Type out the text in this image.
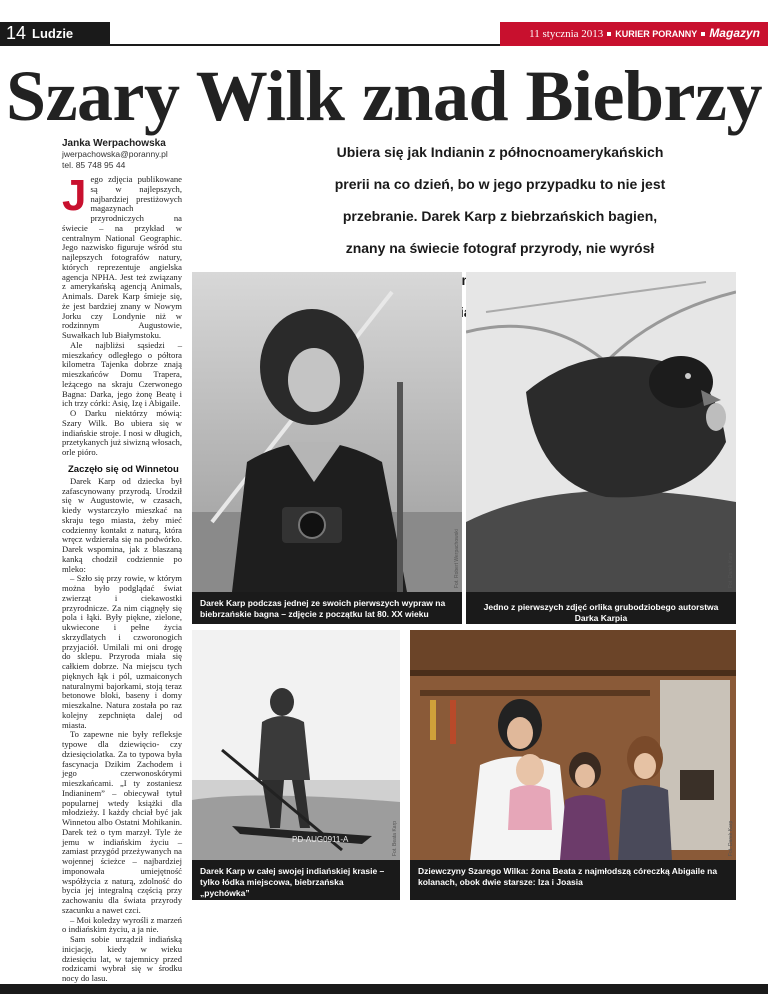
14 Ludzie	11 stycznia 2013 KURIER PORANNY Magazyn
Szary Wilk znad Biebrzy
Janka Werpachowska
jwerpachowska@poranny.pl
tel. 85 748 95 44
Ubiera się jak Indianin z północnoamerykańskich
prerii na co dzień, bo w jego przypadku to nie jest
przebranie. Darek Karp z biebrzańskich bagien,
znany na świecie fotograf przyrody, nie wyrósł
Indianin

Jego zdjęcia publikowane są w najlepszych, najbardziej prestiżowych magazynach przyrodniczych na świecie – na przykład w centralnym National Geographic. Jego nazwisko figuruje wśród stu najlepszych fotografów natury, których reprezentuje angielska agencja NPHA. Jest też związany z amerykańską agencją Animals, Animals. Darek Karp śmieje się, że jest bardziej znany w Nowym Jorku czy Londynie niż w rodzinnym Augustowie, Suwałkach lub Białymstoku.

Ale najbliżsi sąsiedzi – mieszkańcy odległego o półtora kilometra Tajenka dobrze znają mieszkańców Domu Trapera, leżącego na skraju Czerwonego Bagna: Darka, jego żonę Beatę i ich trzy córki: Asię, Izę i Abigaile.

O Darku niektórzy mówią: Szary Wilk. Bo ubiera się w indiańskie stroje. I nosi w długich, przetykanych już siwizną włosach, orle pióro.

Zaczęło się od Winnetou

Darek Karp od dziecka był zafascynowany przyrodą. Urodził się w Augustowie, w czasach, kiedy wystarczyło mieszkać na skraju tego miasta, żeby mieć codzienny kontakt z naturą, która wręcz wdzierała się na podwórko. Darek wspomina, jak z blaszaną kanką chodził codziennie po mleko:

– Szło się przy rowie, w którym można było podglądać świat zwierząt i ciekawostki przyrodnicze. Za nim ciągnęły się pola i łąki. Były piękne, zielone, ukwiecone i pełne życia skrzydlatych i czworonogich przyjaciół. Umilali mi oni drogę do sklepu. Przyroda miała się całkiem dobrze. Na miejscu tych pięknych łąk i pól, uzmaiconych naturalnymi bajorkami, stoją teraz betonowe bloki, baseny i domy mieszkalne. Natura została po raz kolejny zepchnięta dalej od miasta.

To zapewne nie były refleksje typowe dla dziewięcio- czy dziesięciolatka. Za to typowa była fascynacja Dzikim Zachodem i jego czerwonoskórymi mieszkańcami. „I ty zostaniesz Indianinem” – obiecywał tytuł popularnej wtedy książki dla młodzieży. I każdy chciał być jak Winnetou albo Ostatni Mohikanin. Darek też o tym marzył. Tyle że jemu w indiańskim życiu – zamiast przygód przeżywanych na wojennej ścieżce – najbardziej imponowała umiejętność współżycia z naturą, zdolność do bycia jej integralną częścią przy zachowaniu dla świata przyrody szacunku a nawet czci.

– Moi koledzy wyrośli z marzeń o indiańskim życiu, a ja nie.

Sam sobie urządził indiańską inicjację, kiedy w wieku dziesięciu lat, w tajemnicy przed rodzicami wybrał się w środku nocy do lasu.

Fot. Robert Werpachowski	Fot. Darek Karp
Darek Karp podczas jednej ze swoich pierwszych wypraw na biebrzańskie bagna – zdjęcie z początku lat 80. XX wieku
Jedno z pierwszych zdjęć orlika grubodziobego autorstwa Darka Karpia
PD-AUG0911-A	Fot. Beata Karp	Fot. Darek Karp
Darek Karp w całej swojej indiańskiej krasie – tylko łódka miejscowa, biebrzańska „pychówka”
Dziewczyny Szarego Wilka: żona Beata z najmłodszą córeczką Abigaile na kolanach, obok dwie starsze: Iza i Joasia
